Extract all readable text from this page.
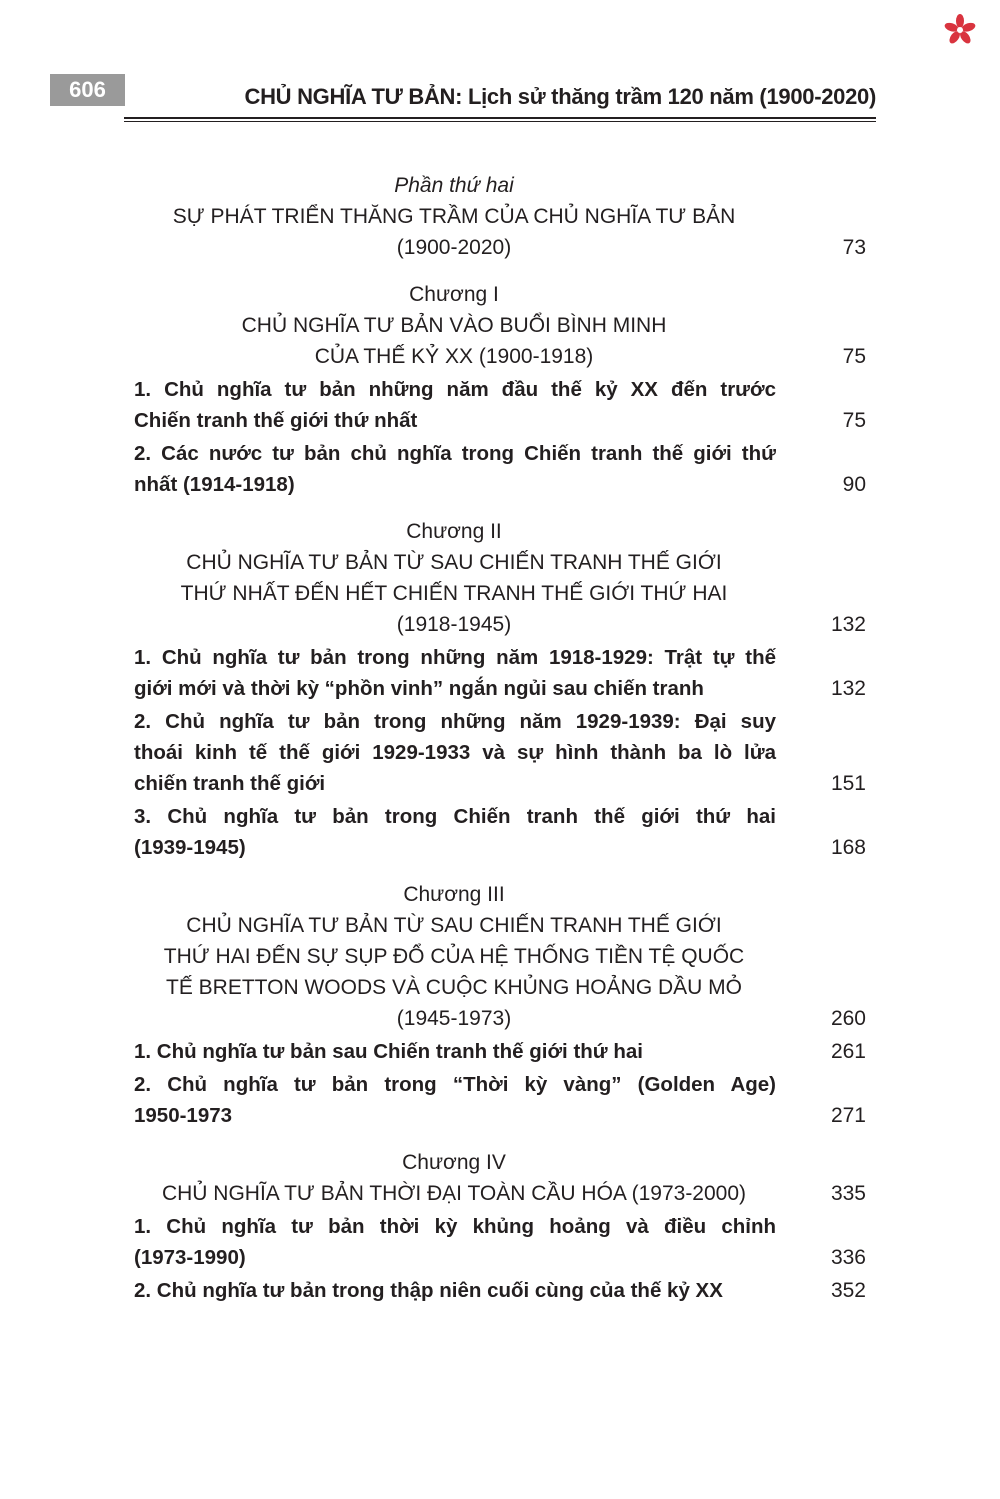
606	CHỦ NGHĨA TƯ BẢN: Lịch sử thăng trầm 120 năm (1900-2020)
Phần thứ hai
SỰ PHÁT TRIỂN THĂNG TRẦM CỦA CHỦ NGHĨA TƯ BẢN
(1900-2020)	73
Chương I
CHỦ NGHĨA TƯ BẢN VÀO BUỔI BÌNH MINH
CỦA THẾ KỶ XX (1900-1918)	75
1. Chủ nghĩa tư bản những năm đầu thế kỷ XX đến trước
Chiến tranh thế giới thứ nhất	75
2. Các nước tư bản chủ nghĩa trong Chiến tranh thế giới thứ
nhất (1914-1918)	90
Chương II
CHỦ NGHĨA TƯ BẢN TỪ SAU CHIẾN TRANH THẾ GIỚI
THỨ NHẤT ĐẾN HẾT CHIẾN TRANH THẾ GIỚI THỨ HAI
(1918-1945)	132
1. Chủ nghĩa tư bản trong những năm 1918-1929: Trật tự thế
giới mới và thời kỳ “phồn vinh” ngắn ngủi sau chiến tranh	132
2. Chủ nghĩa tư bản trong những năm 1929-1939: Đại suy
thoái kinh tế thế giới 1929-1933 và sự hình thành ba lò lửa
chiến tranh thế giới	151
3. Chủ nghĩa tư bản trong Chiến tranh thế giới thứ hai
(1939-1945)	168
Chương III
CHỦ NGHĨA TƯ BẢN TỪ SAU CHIẾN TRANH THẾ GIỚI
THỨ HAI ĐẾN SỰ SỤP ĐỔ CỦA HỆ THỐNG TIỀN TỆ QUỐC
TẾ BRETTON WOODS VÀ CUỘC KHỦNG HOẢNG DẦU MỎ
(1945-1973)	260
1. Chủ nghĩa tư bản sau Chiến tranh thế giới thứ hai	261
2. Chủ nghĩa tư bản trong “Thời kỳ vàng” (Golden Age)
1950-1973	271
Chương IV
CHỦ NGHĨA TƯ BẢN THỜI ĐẠI TOÀN CẦU HÓA (1973-2000)	335
1. Chủ nghĩa tư bản thời kỳ khủng hoảng và điều chỉnh
(1973-1990)	336
2. Chủ nghĩa tư bản trong thập niên cuối cùng của thế kỷ XX	352
